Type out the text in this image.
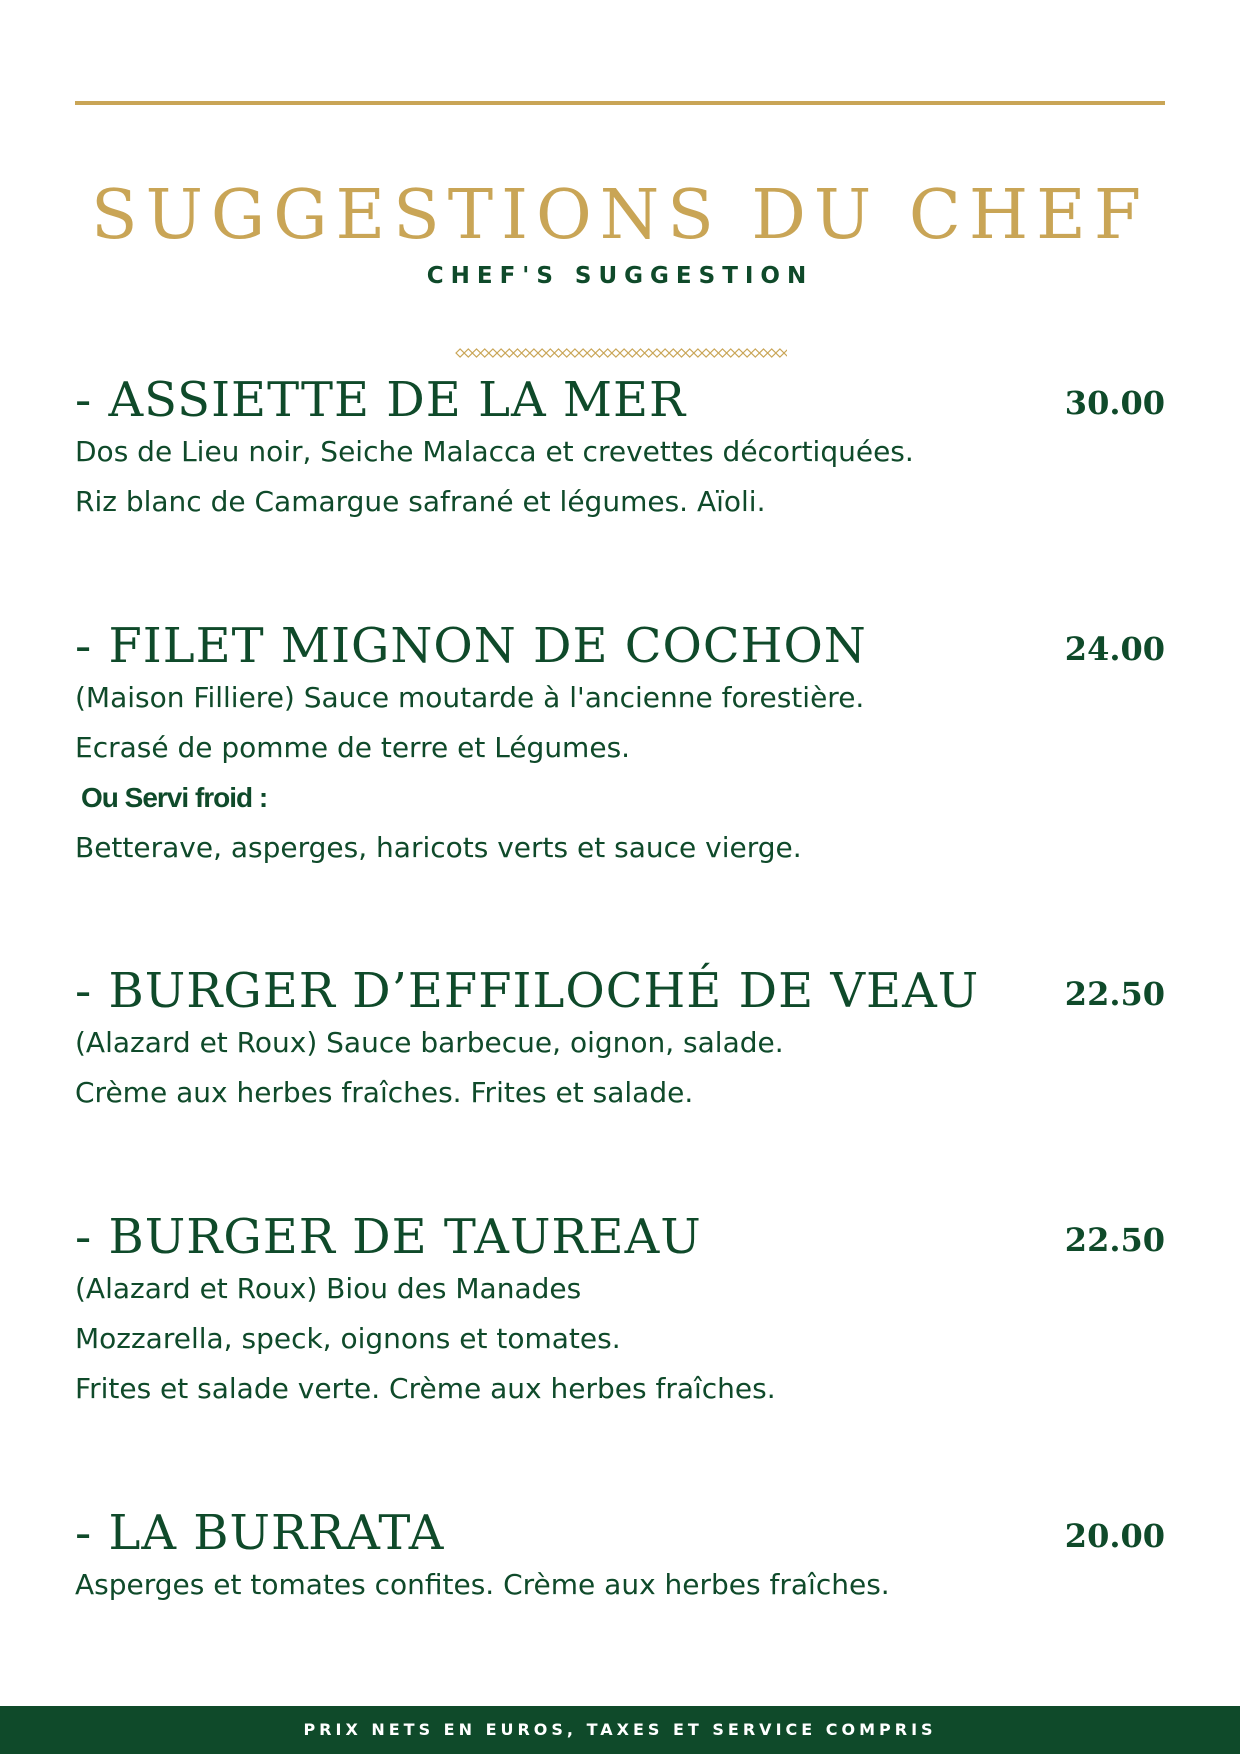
SUGGESTIONS DU CHEF
CHEF'S SUGGESTION
- ASSIETTE DE LA MER	30.00
Dos de Lieu noir, Seiche Malacca et crevettes décortiquées.
Riz blanc de Camargue safrané et légumes. Aïoli.
- FILET MIGNON DE COCHON	24.00
(Maison Filliere) Sauce moutarde à l'ancienne forestière.
Ecrasé de pomme de terre et Légumes.
Ou Servi froid :
Betterave, asperges, haricots verts et sauce vierge.
- BURGER D’EFFILOCHÉ DE VEAU	22.50
(Alazard et Roux) Sauce barbecue, oignon, salade.
Crème aux herbes fraîches. Frites et salade.
- BURGER DE TAUREAU	22.50
(Alazard et Roux) Biou des Manades
Mozzarella, speck, oignons et tomates.
Frites et salade verte. Crème aux herbes fraîches.
- LA BURRATA	20.00
Asperges et tomates confites. Crème aux herbes fraîches.
PRIX NETS EN EUROS, TAXES ET SERVICE COMPRIS
